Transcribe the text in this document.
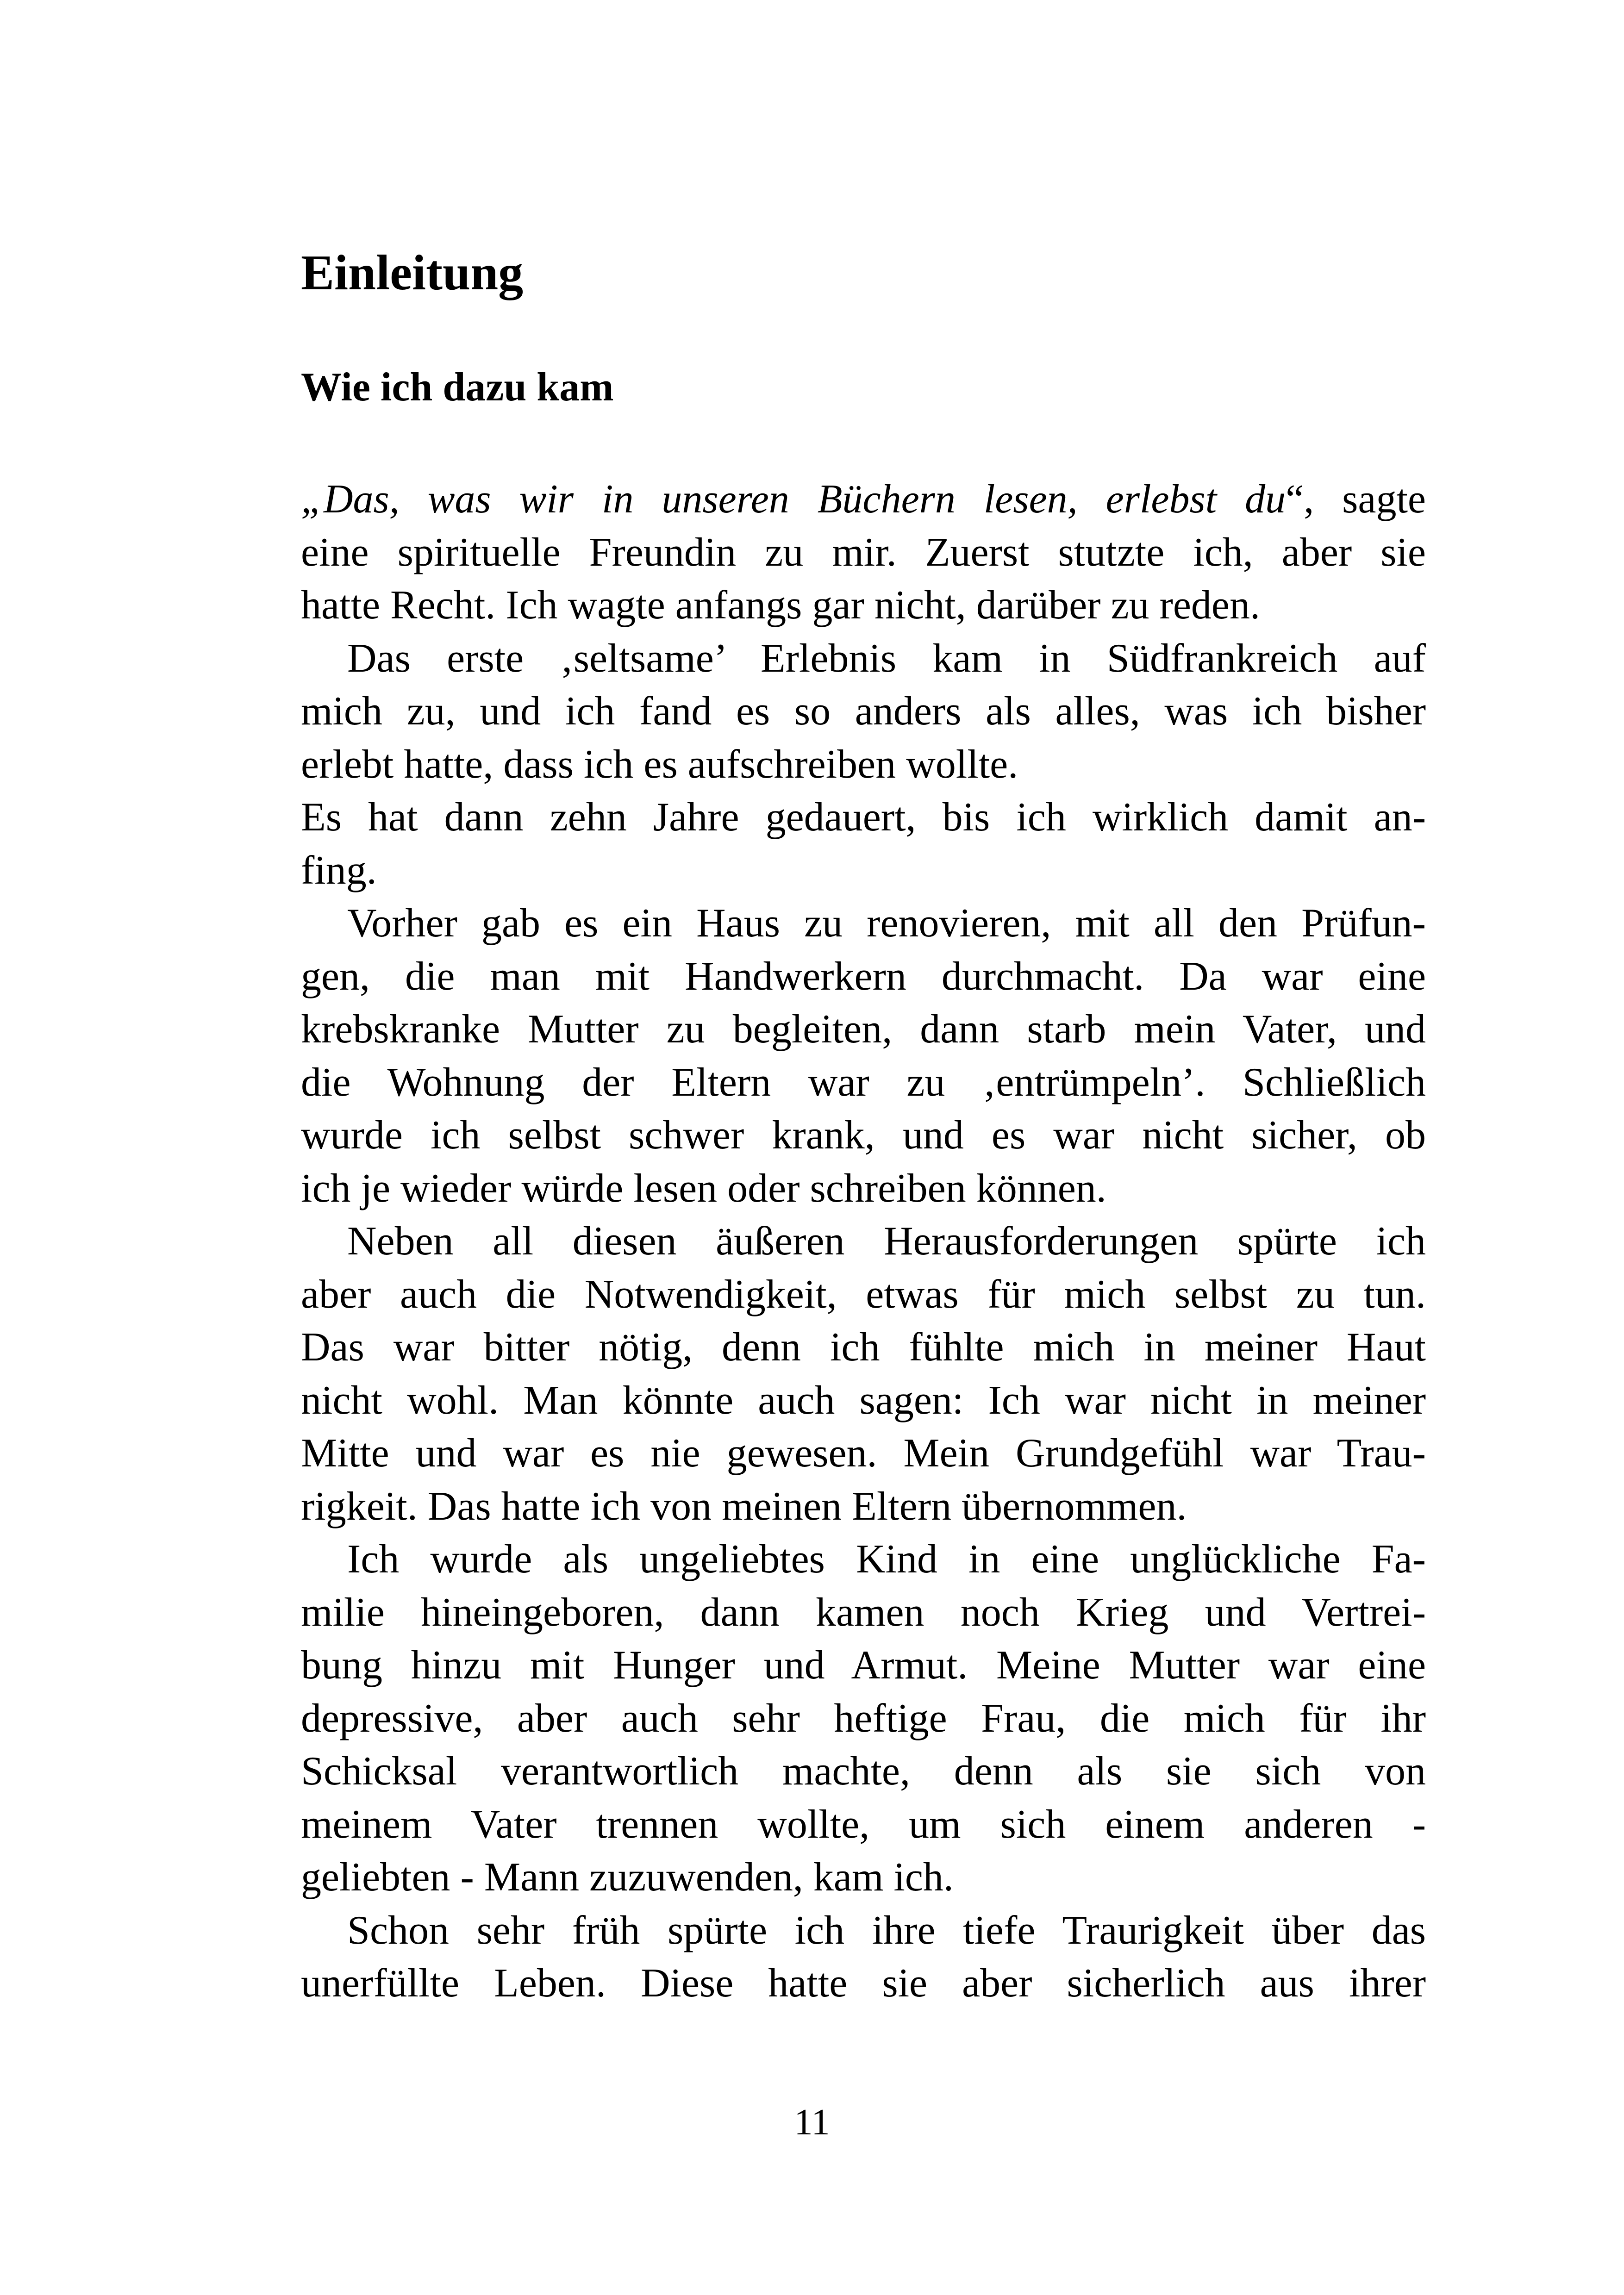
Einleitung
Wie ich dazu kam
„Das, was wir in unseren Büchern lesen, erlebst du“, sagte
eine spirituelle Freundin zu mir. Zuerst stutzte ich, aber sie
hatte Recht. Ich wagte anfangs gar nicht, darüber zu reden.
Das erste ‚seltsame’ Erlebnis kam in Südfrankreich auf
mich zu, und ich fand es so anders als alles, was ich bisher
erlebt hatte, dass ich es aufschreiben wollte.
Es hat dann zehn Jahre gedauert, bis ich wirklich damit an-
fing.
Vorher gab es ein Haus zu renovieren, mit all den Prüfun-
gen, die man mit Handwerkern durchmacht. Da war eine
krebskranke Mutter zu begleiten, dann starb mein Vater, und
die Wohnung der Eltern war zu ‚entrümpeln’. Schließlich
wurde ich selbst schwer krank, und es war nicht sicher, ob
ich je wieder würde lesen oder schreiben können.
Neben all diesen äußeren Herausforderungen spürte ich
aber auch die Notwendigkeit, etwas für mich selbst zu tun.
Das war bitter nötig, denn ich fühlte mich in meiner Haut
nicht wohl. Man könnte auch sagen: Ich war nicht in meiner
Mitte und war es nie gewesen. Mein Grundgefühl war Trau-
rigkeit. Das hatte ich von meinen Eltern übernommen.
Ich wurde als ungeliebtes Kind in eine unglückliche Fa-
milie hineingeboren, dann kamen noch Krieg und Vertrei-
bung hinzu mit Hunger und Armut. Meine Mutter war eine
depressive, aber auch sehr heftige Frau, die mich für ihr
Schicksal verantwortlich machte, denn als sie sich von
meinem Vater trennen wollte, um sich einem anderen -
geliebten - Mann zuzuwenden, kam ich.
Schon sehr früh spürte ich ihre tiefe Traurigkeit über das
unerfüllte Leben. Diese hatte sie aber sicherlich aus ihrer
11
